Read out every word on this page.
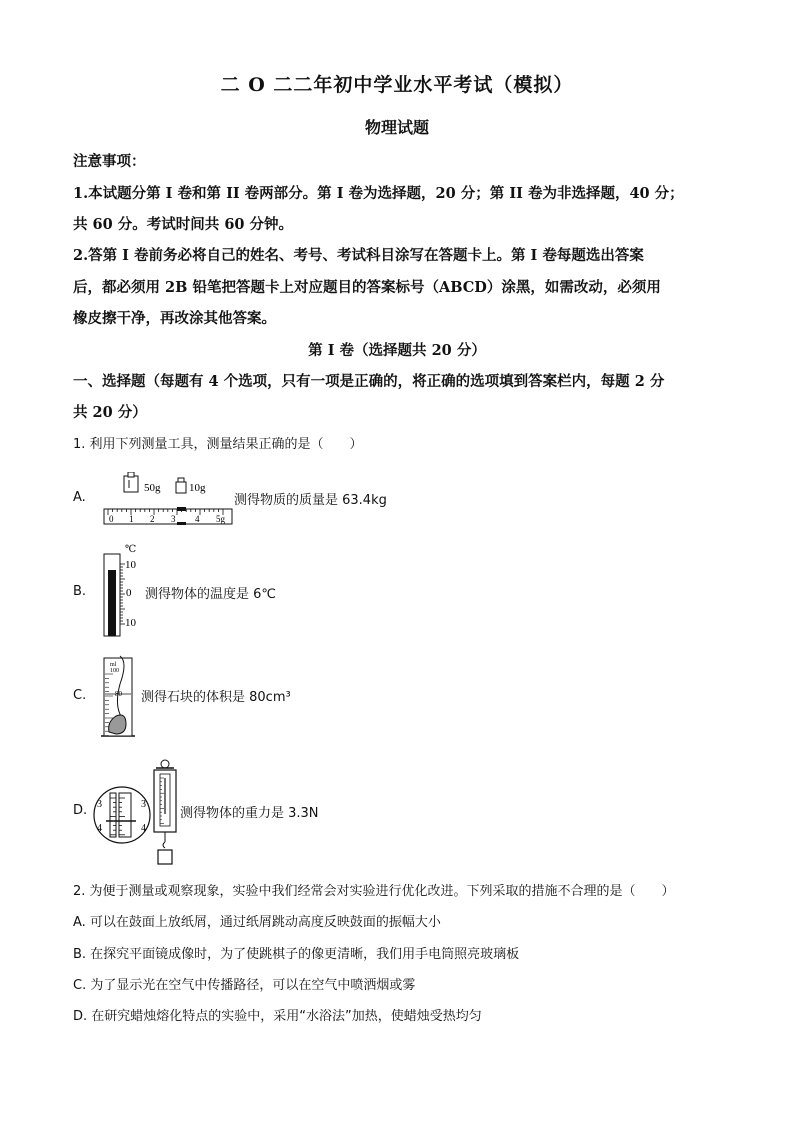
二 O 二二年初中学业水平考试（模拟）
物理试题
注意事项：
1.本试题分第 I 卷和第 II 卷两部分。第 I 卷为选择题，20 分；第 II 卷为非选择题，40 分；
共 60 分。考试时间共 60 分钟。
2.答第 I 卷前务必将自己的姓名、考号、考试科目涂写在答题卡上。第 I 卷每题选出答案
后，都必须用 2B 铅笔把答题卡上对应题目的答案标号（ABCD）涂黑，如需改动，必须用
橡皮擦干净，再改涂其他答案。
第 I 卷（选择题共 20 分）
一、选择题（每题有 4 个选项，只有一项是正确的，将正确的选项填到答案栏内，每题 2 分
共 20 分）
1. 利用下列测量工具，测量结果正确的是（　　）
A.
50g	10g
0 1 2 3 4 5g
测得物质的质量是 63.4kg
B.
℃
10
0
10
测得物体的温度是 6℃
C.
ml
100
80 测得石块的体积是 80cm³
D. 3
4
3
4
测得物体的重力是 3.3N
2. 为便于测量或观察现象，实验中我们经常会对实验进行优化改进。下列采取的措施不合理的是（　　）
A. 可以在鼓面上放纸屑，通过纸屑跳动高度反映鼓面的振幅大小
B. 在探究平面镜成像时，为了使跳棋子的像更清晰，我们用手电筒照亮玻璃板
C. 为了显示光在空气中传播路径，可以在空气中喷洒烟或雾
D. 在研究蜡烛熔化特点的实验中，采用“水浴法”加热，使蜡烛受热均匀
